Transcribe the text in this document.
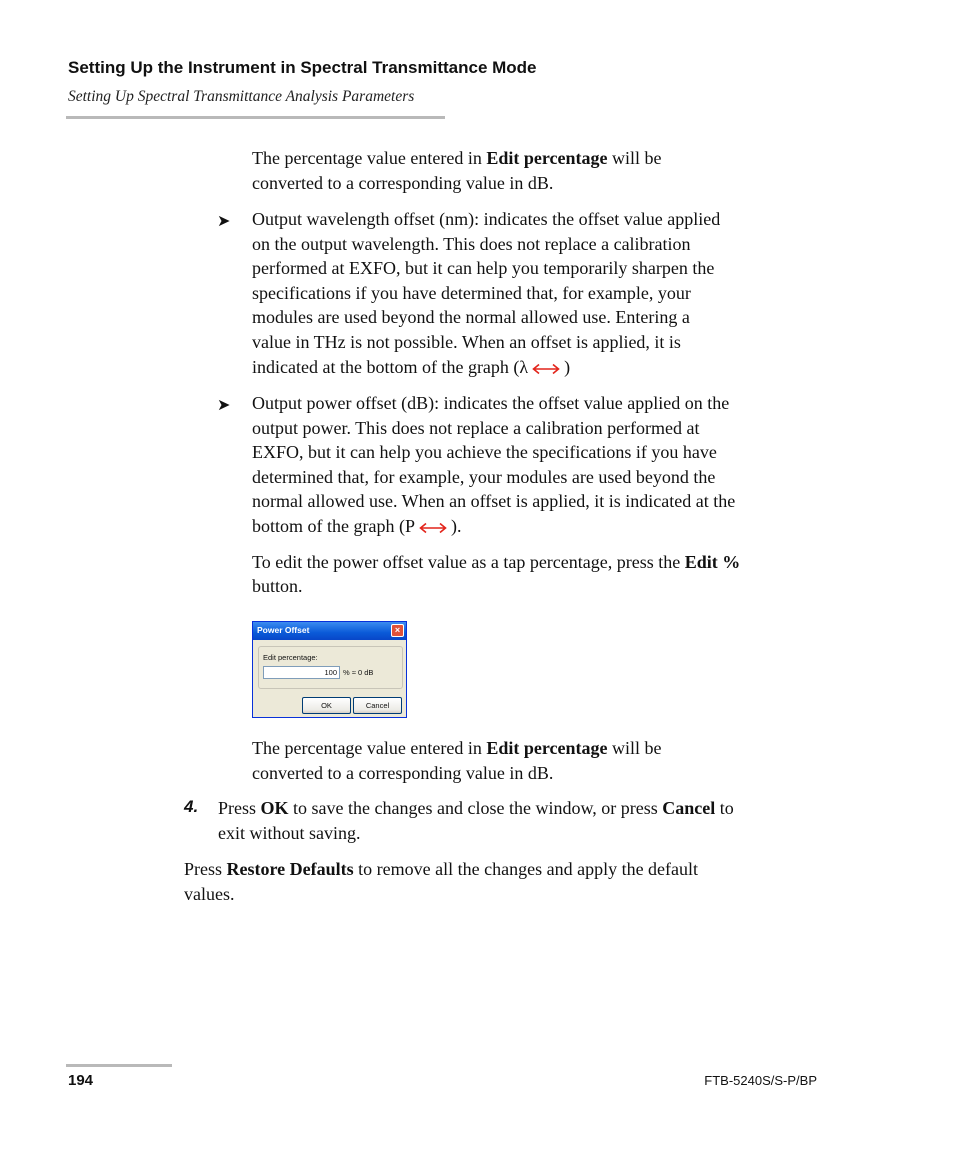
Setting Up the Instrument in Spectral Transmittance Mode
Setting Up Spectral Transmittance Analysis Parameters

The percentage value entered in Edit percentage will be
converted to a corresponding value in dB.

➤ Output wavelength offset (nm): indicates the offset value applied
on the output wavelength. This does not replace a calibration
performed at EXFO, but it can help you temporarily sharpen the
specifications if you have determined that, for example, your
modules are used beyond the normal allowed use. Entering a
value in THz is not possible. When an offset is applied, it is
indicated at the bottom of the graph (λ )

➤ Output power offset (dB): indicates the offset value applied on the
output power. This does not replace a calibration performed at
EXFO, but it can help you achieve the specifications if you have
determined that, for example, your modules are used beyond the
normal allowed use. When an offset is applied, it is indicated at the
bottom of the graph (P ).

To edit the power offset value as a tap percentage, press the Edit %
button.

Power Offset	×
Edit percentage:
100 % ≈ 0 dB
OK	Cancel

The percentage value entered in Edit percentage will be
converted to a corresponding value in dB.

4. Press OK to save the changes and close the window, or press Cancel to
exit without saving.

Press Restore Defaults to remove all the changes and apply the default
values.

194	FTB-5240S/S-P/BP
